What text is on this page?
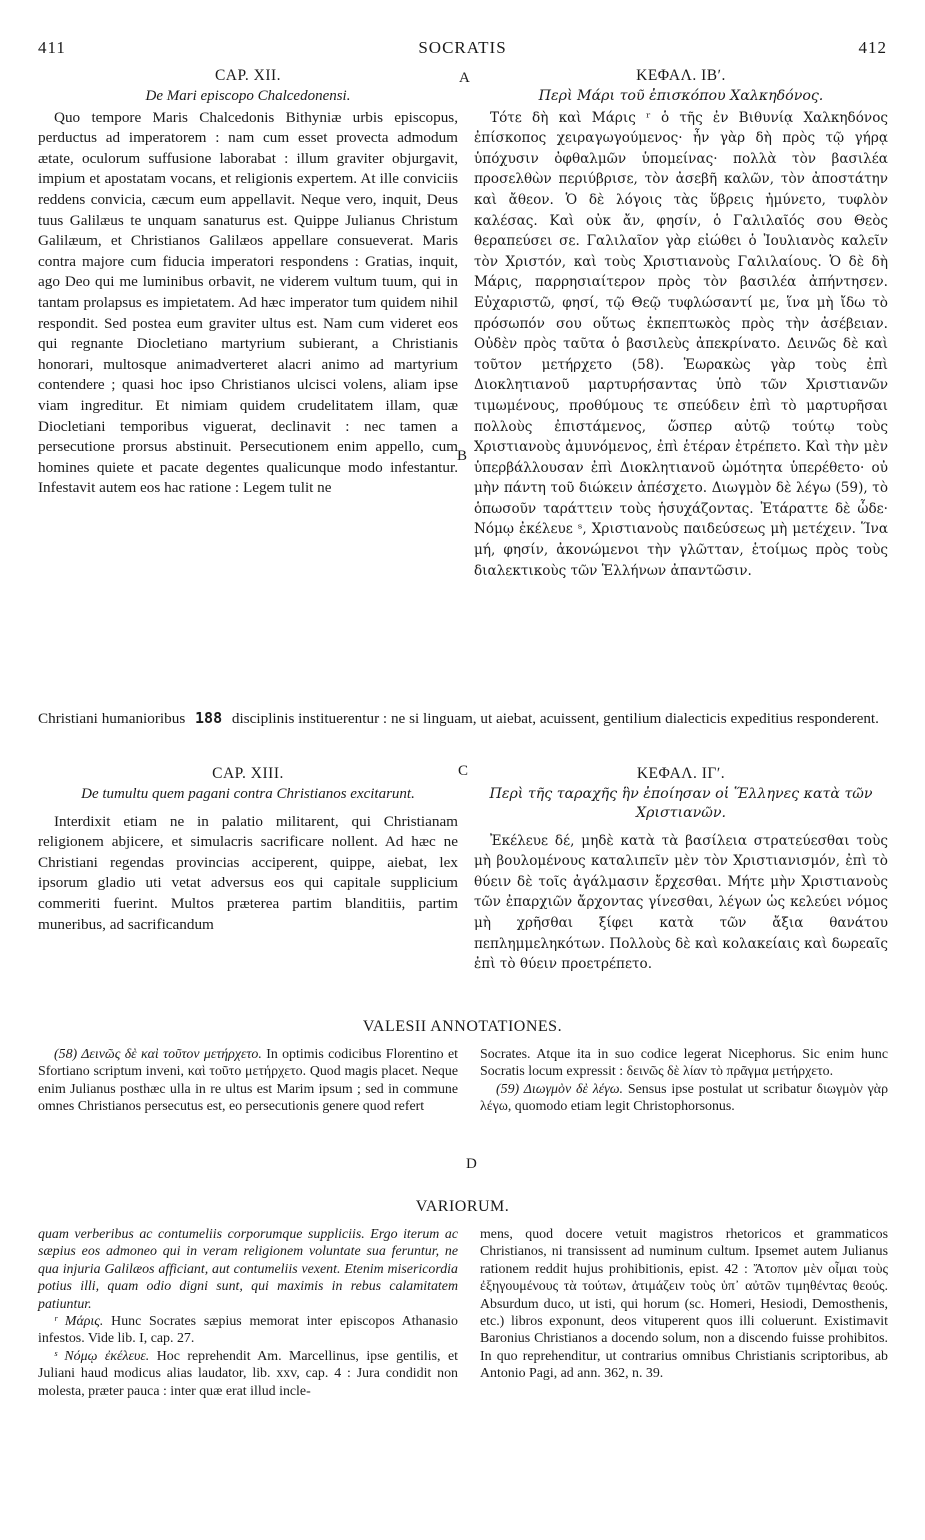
411	SOCRATIS	412
A
B
C
D
CAP. XII.
De Mari episcopo Chalcedonensi.

Quo tempore Maris Chalcedonis Bithyniæ urbis episcopus, perductus ad imperatorem : nam cum esset provecta admodum ætate, oculorum suffusione laborabat : illum graviter objurgavit, impium et apostatam vocans, et religionis expertem. At ille conviciis reddens convicia, cæcum eum appellavit. Neque vero, inquit, Deus tuus Galilæus te unquam sanaturus est. Quippe Julianus Christum Galilæum, et Christianos Galilæos appellare consueverat. Maris contra majore cum fiducia imperatori respondens : Gratias, inquit, ago Deo qui me luminibus orbavit, ne viderem vultum tuum, qui in tantam prolapsus es impietatem. Ad hæc imperator tum quidem nihil respondit. Sed postea eum graviter ultus est. Nam cum videret eos qui regnante Diocletiano martyrium subierant, a Christianis honorari, multosque animadverteret alacri animo ad martyrium contendere ; quasi hoc ipso Christianos ulcisci volens, aliam ipse viam ingreditur. Et nimiam quidem crudelitatem illam, quæ Diocletiani temporibus viguerat, declinavit : nec tamen a persecutione prorsus abstinuit. Persecutionem enim appello, cum homines quiete et pacate degentes qualicunque modo infestantur. Infestavit autem eos hac ratione : Legem tulit ne

ΚΕΦΑΛ. ΙΒʹ.
Περὶ Μάρι τοῦ ἐπισκόπου Χαλκηδόνος.

Τότε δὴ καὶ Μάρις ʳ ὁ τῆς ἐν Βιθυνίᾳ Χαλκηδόνος ἐπίσκοπος χειραγωγούμενος· ἦν γὰρ δὴ πρὸς τῷ γήρᾳ ὑπόχυσιν ὀφθαλμῶν ὑπομείνας· πολλὰ τὸν βασιλέα προσελθὼν περιύβρισε, τὸν ἀσεβῆ καλῶν, τὸν ἀποστάτην καὶ ἄθεον. Ὁ δὲ λόγοις τὰς ὕβρεις ἠμύνετο, τυφλὸν καλέσας. Καὶ οὐκ ἄν, φησίν, ὁ Γαλιλαῖός σου Θεὸς θεραπεύσει σε. Γαλιλαῖον γὰρ εἰώθει ὁ Ἰουλιανὸς καλεῖν τὸν Χριστόν, καὶ τοὺς Χριστιανοὺς Γαλιλαίους. Ὁ δὲ δὴ Μάρις, παρρησιαίτερον πρὸς τὸν βασιλέα ἀπήντησεν. Εὐχαριστῶ, φησί, τῷ Θεῷ τυφλώσαντί με, ἵνα μὴ ἴδω τὸ πρόσωπόν σου οὕτως ἐκπεπτωκὸς πρὸς τὴν ἀσέβειαν. Οὐδὲν πρὸς ταῦτα ὁ βασιλεὺς ἀπεκρίνατο. Δεινῶς δὲ καὶ τοῦτον μετήρχετο (58). Ἑωρακὼς γὰρ τοὺς ἐπὶ Διοκλητιανοῦ μαρτυρήσαντας ὑπὸ τῶν Χριστιανῶν τιμωμένους, προθύμους τε σπεύδειν ἐπὶ τὸ μαρτυρῆσαι πολλοὺς ἐπιστάμενος, ὥσπερ αὐτῷ τούτῳ τοὺς Χριστιανοὺς ἀμυνόμενος, ἐπὶ ἑτέραν ἐτρέπετο. Καὶ τὴν μὲν ὑπερβάλλουσαν ἐπὶ Διοκλητιανοῦ ὠμότητα ὑπερέθετο· οὐ μὴν πάντη τοῦ διώκειν ἀπέσχετο. Διωγμὸν δὲ λέγω (59), τὸ ὁπωσοῦν ταράττειν τοὺς ἡσυχάζοντας. Ἐτάραττε δὲ ὧδε· Νόμῳ ἐκέλευε ˢ, Χριστιανοὺς παιδεύσεως μὴ μετέχειν. Ἵνα μή, φησίν, ἀκονώμενοι τὴν γλῶτταν, ἑτοίμως πρὸς τοὺς διαλεκτικοὺς τῶν Ἑλλήνων ἀπαντῶσιν.

Christiani humanioribus 188 disciplinis instituerentur : ne si linguam, ut aiebat, acuissent, gentilium dialecticis expeditius responderent.
CAP. XIII.
De tumultu quem pagani contra Christianos excitarunt.

Interdixit etiam ne in palatio militarent, qui Christianam religionem abjicere, et simulacris sacrificare nollent. Ad hæc ne Christiani regendas provincias acciperent, quippe, aiebat, lex ipsorum gladio uti vetat adversus eos qui capitale supplicium commeriti fuerint. Multos præterea partim blanditiis, partim muneribus, ad sacrificandum

ΚΕΦΑΛ. ΙΓʹ.
Περὶ τῆς ταραχῆς ἣν ἐποίησαν οἱ Ἕλληνες κατὰ τῶν Χριστιανῶν.

Ἐκέλευε δέ, μηδὲ κατὰ τὰ βασίλεια στρατεύεσθαι τοὺς μὴ βουλομένους καταλιπεῖν μὲν τὸν Χριστιανισμόν, ἐπὶ τὸ θύειν δὲ τοῖς ἀγάλμασιν ἔρχεσθαι. Μήτε μὴν Χριστιανοὺς τῶν ἐπαρχιῶν ἄρχοντας γίνεσθαι, λέγων ὡς κελεύει νόμος μὴ χρῆσθαι ξίφει κατὰ τῶν ἄξια θανάτου πεπλημμεληκότων. Πολλοὺς δὲ καὶ κολακείαις καὶ δωρεαῖς ἐπὶ τὸ θύειν προετρέπετο.

VALESII ANNOTATIONES.

(58) Δεινῶς δὲ καὶ τοῦτον μετήρχετο. In optimis codicibus Florentino et Sfortiano scriptum inveni, καὶ τοῦτο μετήρχετο. Quod magis placet. Neque enim Julianus posthæc ulla in re ultus est Marim ipsum ; sed in commune omnes Christianos persecutus est, eo persecutionis genere quod refert

Socrates. Atque ita in suo codice legerat Nicephorus. Sic enim hunc Socratis locum expressit : δεινῶς δὲ λίαν τὸ πρᾶγμα μετήρχετο.

(59) Διωγμὸν δὲ λέγω. Sensus ipse postulat ut scribatur διωγμὸν γὰρ λέγω, quomodo etiam legit Christophorsonus.

VARIORUM.

quam verberibus ac contumeliis corporumque suppliciis. Ergo iterum ac sæpius eos admoneo qui in veram religionem voluntate sua feruntur, ne qua injuria Galilæos afficiant, aut contumeliis vexent. Etenim misericordia potius illi, quam odio digni sunt, qui maximis in rebus calamitatem patiuntur.

ʳ Μάρις. Hunc Socrates sæpius memorat inter episcopos Athanasio infestos. Vide lib. I, cap. 27.

ˢ Νόμῳ ἐκέλευε. Hoc reprehendit Am. Marcellinus, ipse gentilis, et Juliani haud modicus alias laudator, lib. xxv, cap. 4 : Jura condidit non molesta, præter pauca : inter quæ erat illud incle-

mens, quod docere vetuit magistros rhetoricos et grammaticos Christianos, ni transissent ad numinum cultum. Ipsemet autem Julianus rationem reddit hujus prohibitionis, epist. 42 : Ἄτοπον μὲν οἶμαι τοὺς ἐξηγουμένους τὰ τούτων, ἀτιμάζειν τοὺς ὑπ᾽ αὐτῶν τιμηθέντας θεούς. Absurdum duco, ut isti, qui horum (sc. Homeri, Hesiodi, Demosthenis, etc.) libros exponunt, deos vituperent quos illi coluerunt. Existimavit Baronius Christianos a docendo solum, non a discendo fuisse prohibitos. In quo reprehenditur, ut contrarius omnibus Christianis scriptoribus, ab Antonio Pagi, ad ann. 362, n. 39.
